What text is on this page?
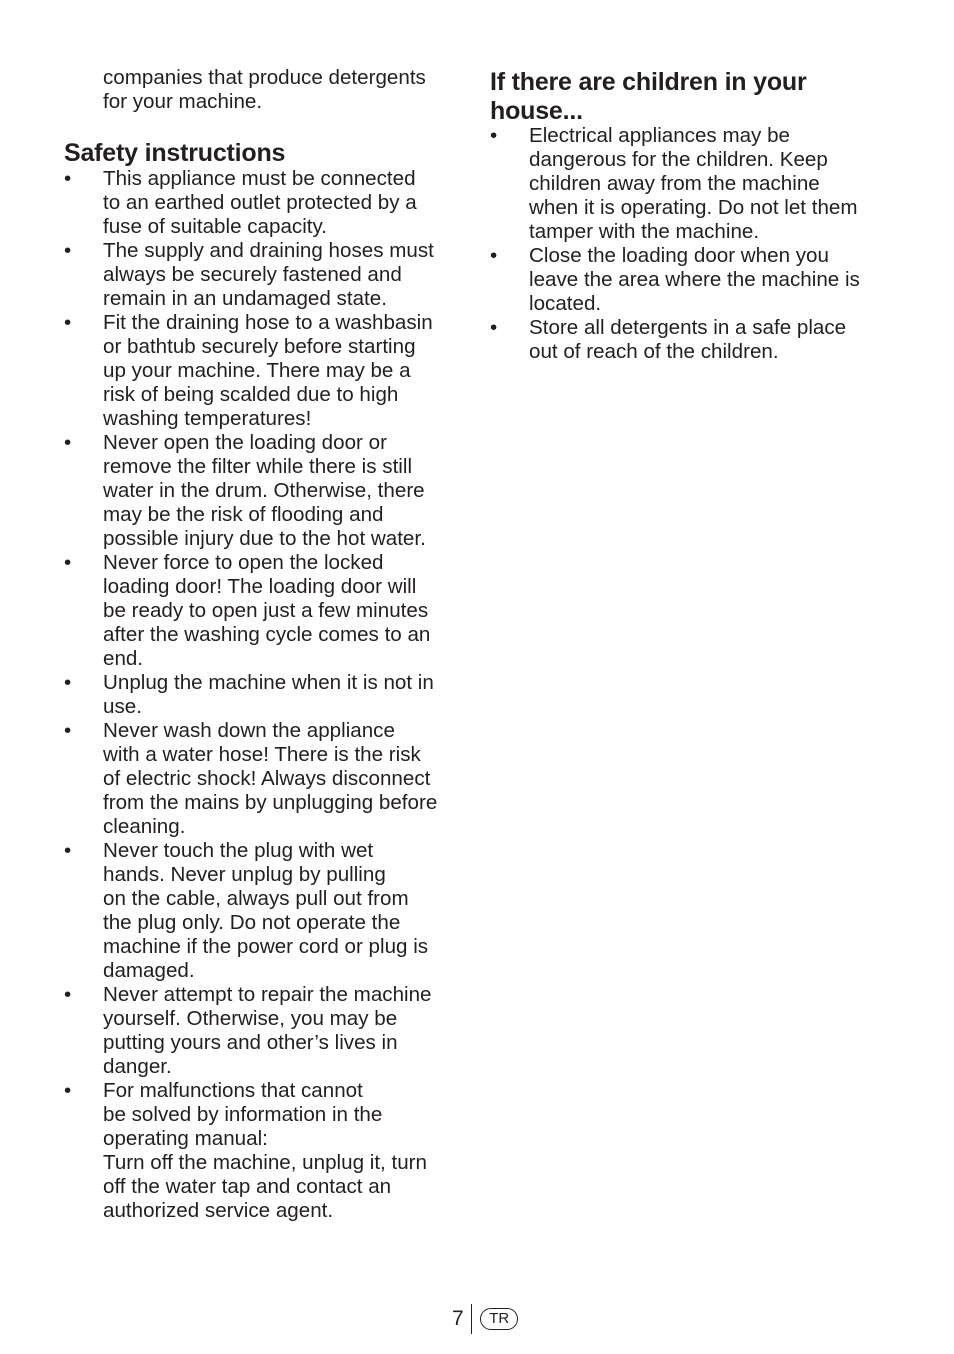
companies that produce detergents
for your machine.

Safety instructions
• This appliance must be connected
to an earthed outlet protected by a
fuse of suitable capacity.
• The supply and draining hoses must
always be securely fastened and
remain in an undamaged state.
• Fit the draining hose to a washbasin
or bathtub securely before starting
up your machine. There may be a
risk of being scalded due to high
washing temperatures!
• Never open the loading door or
remove the filter while there is still
water in the drum. Otherwise, there
may be the risk of flooding and
possible injury due to the hot water.
• Never force to open the locked
loading door! The loading door will
be ready to open just a few minutes
after the washing cycle comes to an
end.
• Unplug the machine when it is not in
use.
• Never wash down the appliance
with a water hose! There is the risk
of electric shock! Always disconnect
from the mains by unplugging before
cleaning.
• Never touch the plug with wet
hands. Never unplug by pulling
on the cable, always pull out from
the plug only. Do not operate the
machine if the power cord or plug is
damaged.
• Never attempt to repair the machine
yourself. Otherwise, you may be
putting yours and other’s lives in
danger.
• For malfunctions that cannot
be solved by information in the
operating manual:
Turn off the machine, unplug it, turn
off the water tap and contact an
authorized service agent.
If there are children in your
house...
• Electrical appliances may be
dangerous for the children. Keep
children away from the machine
when it is operating. Do not let them
tamper with the machine.
• Close the loading door when you
leave the area where the machine is
located.
• Store all detergents in a safe place
out of reach of the children.
7	TR
